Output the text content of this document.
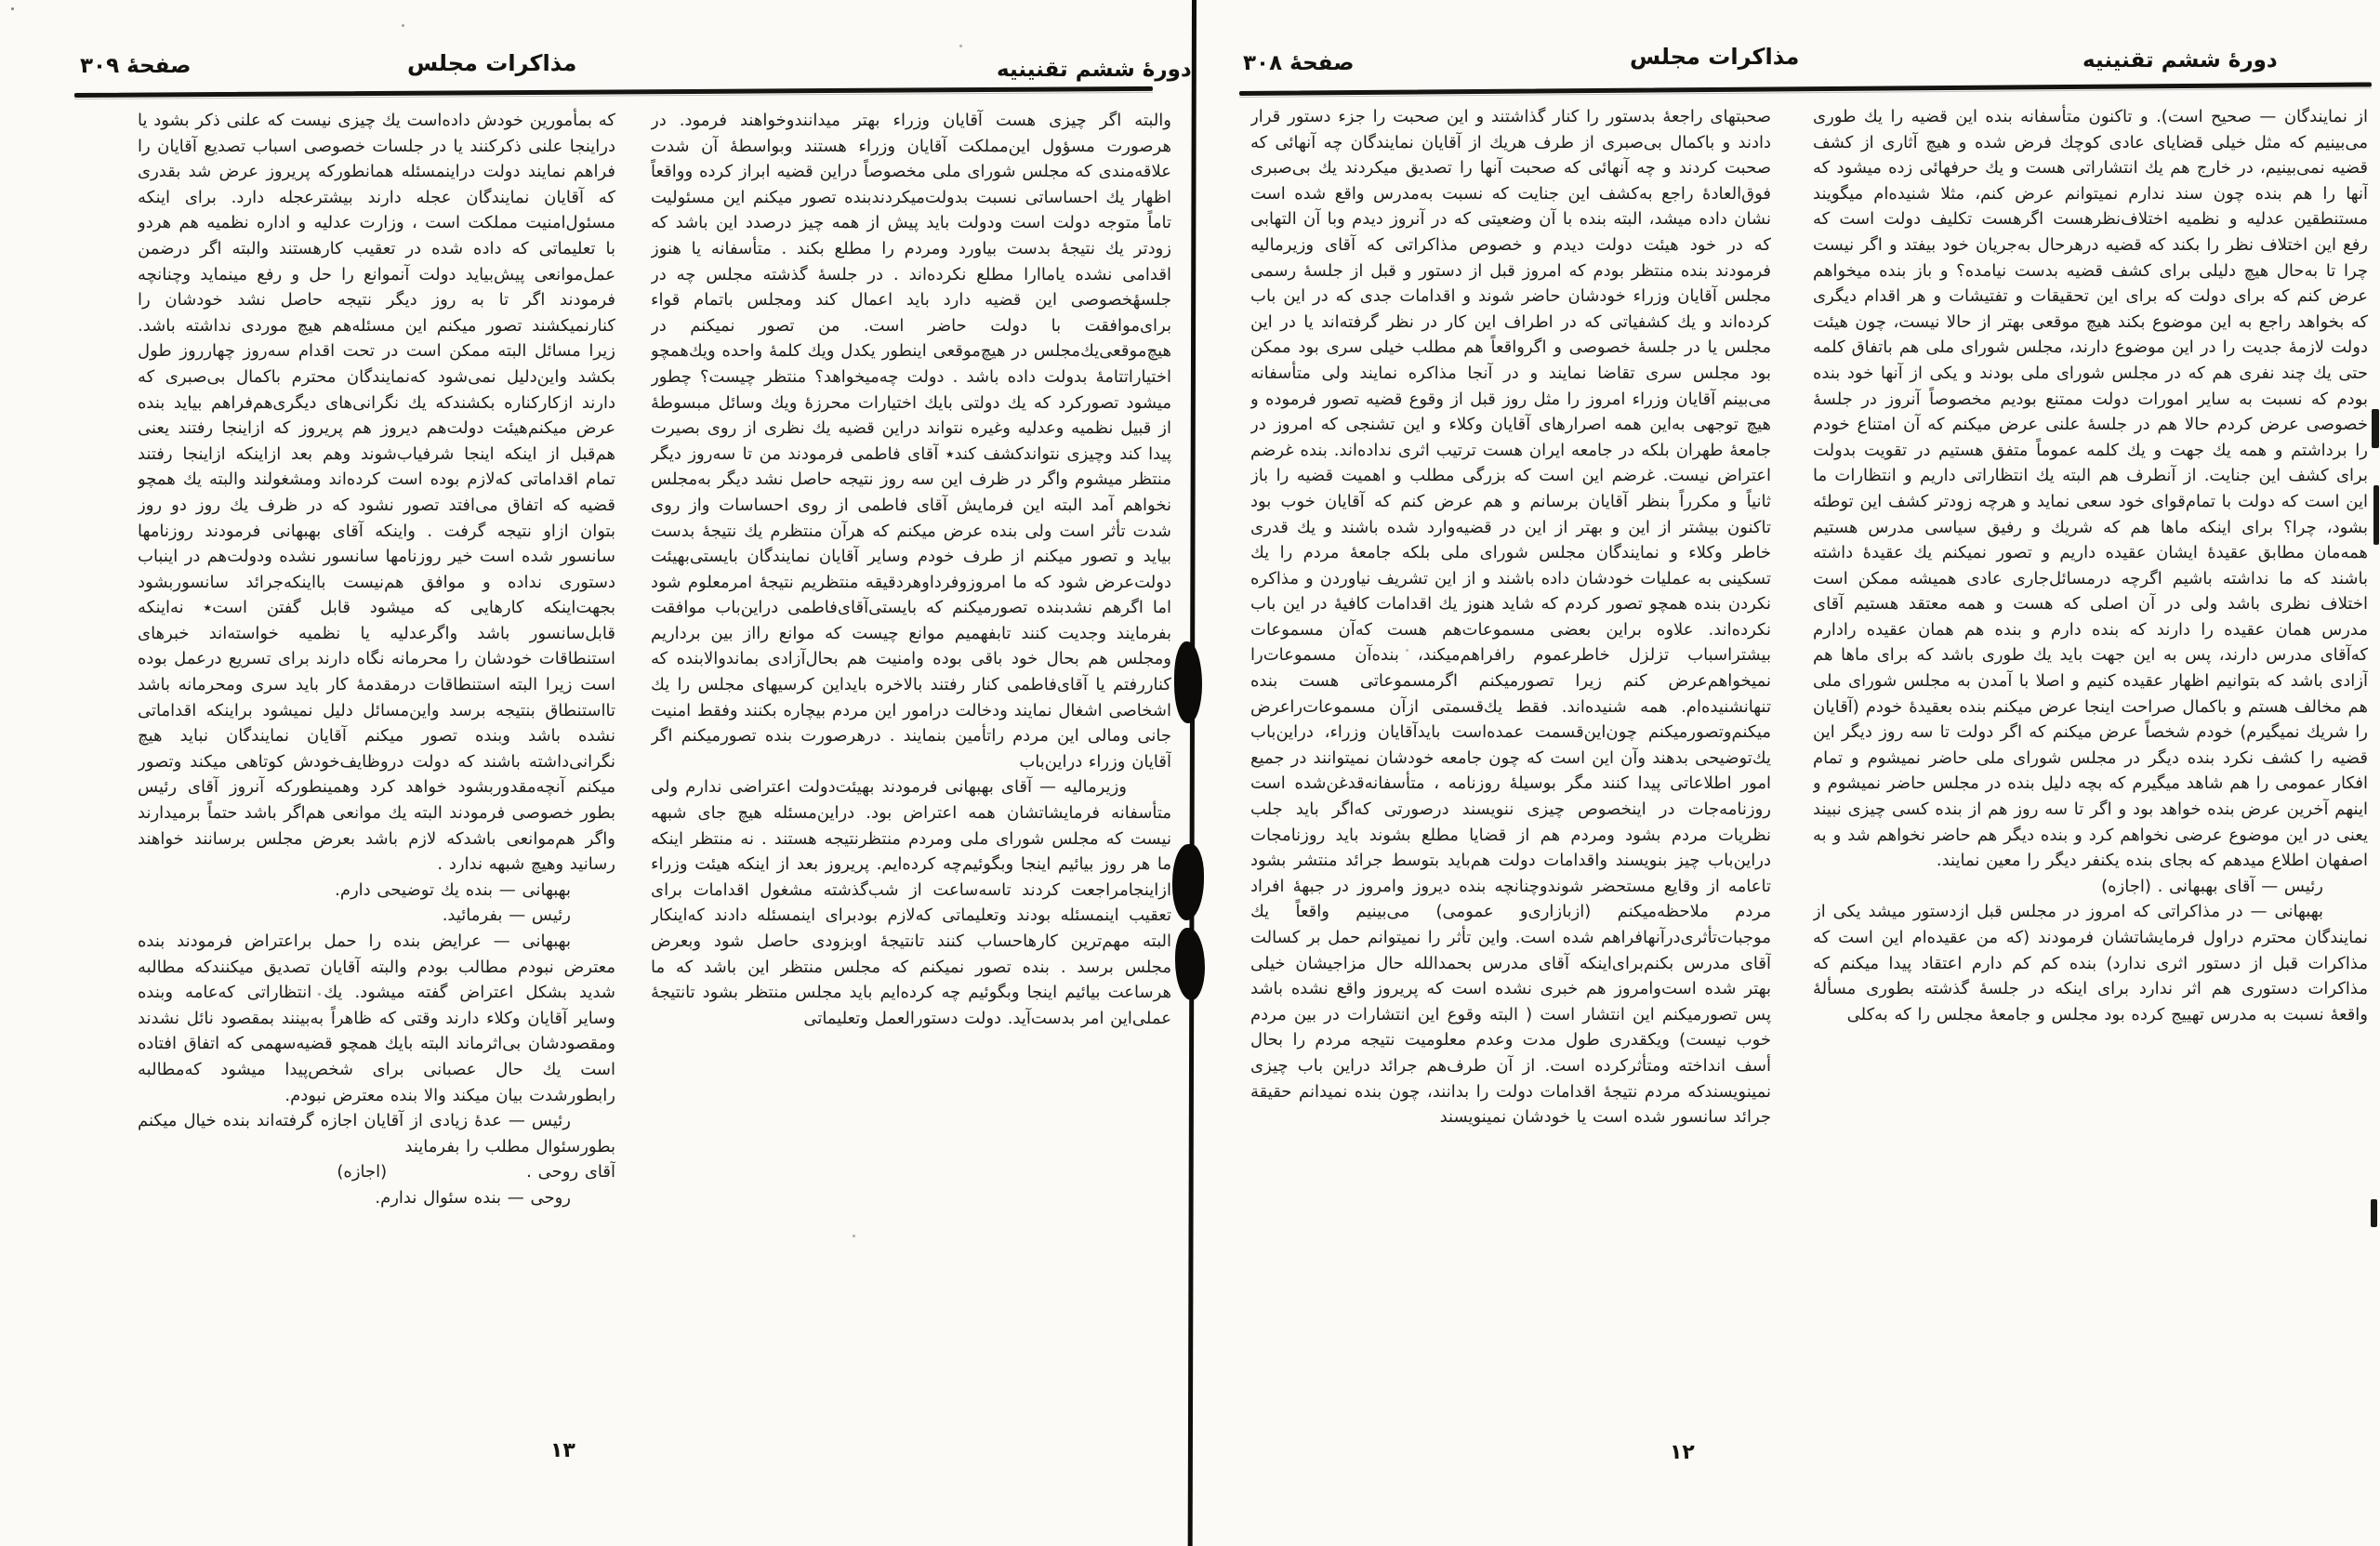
صفحهٔ ٣٠٩	مذاكرات مجلس	دورهٔ ششم تقنينيه

كه بمأمورين خودش داده‌است يك چيزى نيست كه علنى ذكر بشود يا دراينجا علنى ذكركنند يا در جلسات خصوصى اسباب تصديع آقايان را فراهم نمايند دولت دراينمسئله همانطوركه پريروز عرض شد بقدرى كه آقايان نمايندگان عجله دارند بيشترعجله دارد. براى اينكه مسئول‌امنيت مملكت است ، وزارت عدليه و اداره نظميه هم هردو با تعليماتى كه داده شده در تعقيب كارهستند والبته اگر درضمن عمل‌موانعى پيش‌بيايد دولت آنموانع را حل و رفع مينمايد وچنانچه فرمودند اگر تا به روز ديگر نتيجه حاصل نشد خودشان را كنارنميكشند تصور ميكنم اين مسئله‌هم هيچ موردى نداشته باشد. زيرا مسائل البته ممكن است در تحت اقدام سه‌روز چهارروز طول بكشد واين‌دليل نمى‌شود كه‌نمايندگان محترم باكمال بى‌صبرى كه دارند ازكاركناره بكشندكه يك نگرانى‌هاى ديگرى‌هم‌فراهم بيايد بنده عرض ميكنم‌هيئت دولت‌هم ديروز هم پريروز كه ازاينجا رفتند يعنى هم‌قبل از اينكه اينجا شرفياب‌شوند وهم بعد ازاينكه ازاينجا رفتند تمام اقداماتى كه‌لازم بوده است كرده‌اند ومشغولند والبته يك همچو قضيه كه اتفاق مى‌افتد تصور نشود كه در ظرف يك روز دو روز بتوان ازاو نتيجه گرفت . واينكه آقاى بهبهانى فرمودند روزنامها سانسور شده است خير روزنامها سانسور نشده ودولت‌هم در اينباب دستورى نداده و موافق هم‌نيست بااينكه‌جرائد سانسوربشود بجهت‌اينكه كارهايى كه ميشود قابل گفتن است٭ نه‌اينكه قابل‌سانسور باشد واگرعدليه يا نظميه خواسته‌اند خبرهاى استنطاقات خودشان را محرمانه نگاه دارند براى تسريع درعمل بوده است زيرا البته استنطاقات درمقدمهٔ كار بايد سرى ومحرمانه باشد تااستنطاق بنتيجه برسد واين‌مسائل دليل نميشود براينكه اقداماتى نشده باشد وبنده تصور ميكنم آقايان نمايندگان نبايد هيچ نگرانى‌داشته باشند كه دولت دروظايف‌خودش كوتاهى ميكند وتصور ميكنم آنچه‌مقدوربشود خواهد كرد وهمينطوركه آنروز آقاى رئيس بطور خصوصى فرمودند البته يك موانعى هم‌اگر باشد حتماً برميدارند واگر هم‌موانعى باشدكه لازم باشد بعرض مجلس برسانند خواهند رسانيد وهيچ شبهه ندارد .

بهبهانى — بنده يك توضيحى دارم.

رئيس — بفرمائيد.

بهبهانى — عرايض بنده را حمل براعتراض فرمودند بنده معترض نبودم مطالب بودم والبته آقايان تصديق ميكنندكه مطالبه شديد بشكل اعتراض گفته ميشود. يك انتظاراتى كه‌عامه وبنده وساير آقايان وكلاء دارند وقتى كه ظاهراً به‌بينند بمقصود نائل نشدند ومقصودشان بى‌اثرماند البته بايك همچو قضيه‌سهمى كه اتفاق افتاده است يك حال عصبانى براى شخص‌پيدا ميشود كه‌مطالبه رابطورشدت بيان ميكند والا بنده معترض نبودم.

رئيس — عدهٔ زيادى از آقايان اجازه گرفته‌اند بنده خيال ميكنم بطورسئوال مطلب را بفرمايند

آقاى روحى .
(اجازه)

روحى — بنده سئوال ندارم.

والبته اگر چيزى هست آقايان وزراء بهتر ميدانندوخواهند فرمود. در هرصورت مسؤول اين‌مملكت آقايان وزراء هستند وبواسطهٔ آن شدت علاقه‌مندى كه مجلس شوراى ملى مخصوصاً دراين قضيه ابراز كرده وواقعاً اظهار يك احساساتى نسبت بدولت‌ميكردندبنده تصور ميكنم اين مسئوليت تاماً متوجه دولت است ودولت بايد پيش از همه چيز درصدد اين باشد كه زودتر يك نتيجهٔ بدست بياورد ومردم را مطلع بكند . متأسفانه يا هنوز اقدامى نشده ياماارا مطلع نكرده‌اند . در جلسهٔ گذشته مجلس چه در جلسهٔخصوصى اين قضيه دارد بايد اعمال كند ومجلس باتمام قواء براى‌موافقت با دولت حاضر است. من تصور نميكنم در هيچ‌موقعى‌يك‌مجلس در هيچ‌موقعى اينطور يكدل ويك كلمهٔ واحده ويك‌همچو اختياراتتامهٔ بدولت داده باشد . دولت چه‌ميخواهد؟ منتظر چيست؟ چطور ميشود تصوركرد كه يك دولتى بايك اختيارات محرزهٔ ويك وسائل مبسوطهٔ از قبيل نظميه وعدليه وغيره نتواند دراين قضيه يك نظرى از روى بصيرت پيدا كند وچيزى نتواندكشف كند٭ آقاى فاطمى فرمودند من تا سه‌روز ديگر منتظر ميشوم واگر در ظرف اين سه روز نتيجه حاصل نشد ديگر به‌مجلس نخواهم آمد البته اين فرمايش آقاى فاطمى از روى احساسات واز روى شدت تأثر است ولى بنده عرض ميكنم كه هرآن منتظرم يك نتيجهٔ بدست بيايد و تصور ميكنم از طرف خودم وساير آقايان نمايندگان بايستى‌بهيئت دولت‌عرض شود كه ما امروزوفرداوهردقيقه منتظريم نتيجهٔ امرمعلوم شود اما اگرهم نشدبنده تصورميكنم كه بايستى‌آقاى‌فاطمى دراين‌باب موافقت بفرمايند وجديت كنند تابفهميم موانع چيست كه موانع رااز بين برداريم ومجلس هم بحال خود باقى بوده وامنيت هم بحال‌آزادى بماندوالابنده كه كناررفتم يا آقاى‌فاطمى كنار رفتند بالاخره بايداين كرسيهاى مجلس را يك اشخاصى اشغال نمايند ودخالت درامور اين مردم بيچاره بكنند وفقط امنيت جانى ومالى اين مردم راتأمين بنمايند . درهرصورت بنده تصورميكنم اگر آقايان وزراء دراين‌باب

وزيرماليه — آقاى بهبهانى فرمودند بهيئت‌دولت اعتراضى ندارم ولى متأسفانه فرمايشاتشان همه اعتراض بود. دراين‌مسئله هيچ جاى شبهه نيست كه مجلس شوراى ملى ومردم منتظرنتيجه هستند . نه منتظر اينكه ما هر روز بيائيم اينجا وبگوئيم‌چه كرده‌ايم. پريروز بعد از اينكه هيئت وزراء ازاينجامراجعت كردند تاسه‌ساعت از شب‌گذشته مشغول اقدامات براى تعقيب اينمسئله بودند وتعليماتى كه‌لازم بودبراى اينمسئله دادند كه‌اينكار البته مهم‌ترين كارهاحساب كنند تانتيجهٔ اوبزودى حاصل شود وبعرض مجلس برسد . بنده تصور نميكنم كه مجلس منتظر اين باشد كه ما هرساعت بيائيم اينجا وبگوئيم چه كرده‌ايم بايد مجلس منتظر بشود تانتيجهٔ عملى‌اين امر بدست‌آيد. دولت دستورالعمل وتعليماتى

١٣
صفحهٔ ٣٠٨	مذاكرات مجلس	دورهٔ ششم تقنينيه

صحبتهاى راجعهٔ بدستور را كنار گذاشتند و اين صحبت را جزء دستور قرار دادند و باكمال بى‌صبرى از طرف هريك از آقايان نمايندگان چه آنهائى كه صحبت كردند و چه آنهائى كه صحبت آنها را تصديق ميكردند يك بى‌صبرى فوق‌العادهٔ راجع به‌كشف اين جنايت كه نسبت به‌مدرس واقع شده است نشان داده ميشد، البته بنده با آن وضعيتى كه در آنروز ديدم وبا آن التهابى كه در خود هيئت دولت ديدم و خصوص مذاكراتى كه آقاى وزيرماليه فرمودند بنده منتظر بودم كه امروز قبل از دستور و قبل از جلسهٔ رسمى مجلس آقايان وزراء خودشان حاضر شوند و اقدامات جدى كه در اين باب كرده‌اند و يك كشفياتى كه در اطراف اين كار در نظر گرفته‌اند يا در اين مجلس يا در جلسهٔ خصوصى و اگرواقعاً هم مطلب خيلى سرى بود ممكن بود مجلس سرى تقاضا نمايند و در آنجا مذاكره نمايند ولى متأسفانه مى‌بينم آقايان وزراء امروز را مثل روز قبل از وقوع قضيه تصور فرموده و هيچ توجهى به‌اين همه اصرارهاى آقايان وكلاء و اين تشنجى كه امروز در جامعهٔ طهران بلكه در جامعه ايران هست ترتيب اثرى نداده‌اند. بنده غرضم اعتراض نيست. غرضم اين است كه بزرگى مطلب و اهميت قضيه را باز ثانياً و مكرراً بنظر آقايان برسانم و هم عرض كنم كه آقايان خوب بود تاكنون بيشتر از اين و بهتر از اين در قضيه‌وارد شده باشند و يك قدرى خاطر وكلاء و نمايندگان مجلس شوراى ملى بلكه جامعهٔ مردم را يك تسكينى به عمليات خودشان داده باشند و از اين تشريف نياوردن و مذاكره نكردن بنده همچو تصور كردم كه شايد هنوز يك اقدامات كافيهٔ در اين باب نكرده‌اند. علاوه براين بعضى مسموعات‌هم هست كه‌آن مسموعات بيشتراسباب تزلزل خاطرعموم رافراهم‌ميكند، بنده‌آن مسموعات‌را نميخواهم‌عرض كنم زيرا تصورميكنم اگرمسموعاتى هست بنده تنهانشنيده‌ام. همه شنيده‌اند. فقط يك‌قسمتى ازآن مسموعات‌راعرض ميكنم‌وتصورميكنم چون‌اين‌قسمت عمده‌است بايدآقايان وزراء، دراين‌باب يك‌توضيحى بدهند وآن اين است كه چون جامعه خودشان نميتوانند در جميع امور اطلاعاتى پيدا كنند مگر بوسيلهٔ روزنامه ، متأسفانه‌قدغن‌شده است روزنامه‌جات در اينخصوص چيزى ننويسند درصورتى كه‌اگر بايد جلب نظريات مردم بشود ومردم هم از قضايا مطلع بشوند بايد روزنامجات دراين‌باب چيز بنويسند واقدامات دولت هم‌بايد بتوسط جرائد منتشر بشود تاعامه از وقايع مستحضر شوندوچنانچه بنده ديروز وامروز در جبههٔ افراد مردم ملاحظه‌ميكنم (ازبازارى‌و عمومى) مى‌بينيم واقعاً يك موجبات‌تأثرى‌درآنهافراهم شده است. واين تأثر را نميتوانم حمل بر كسالت آقاى مدرس بكنم‌براى‌اينكه آقاى مدرس بحمدالله حال مزاجيشان خيلى بهتر شده است‌وامروز هم خبرى نشده است كه پريروز واقع نشده باشد پس تصورميكنم اين انتشار است ( البته وقوع اين انتشارات در بين مردم خوب نيست) ويكقدرى طول مدت وعدم معلوميت نتيجه مردم را بحال أسف انداخته ومتأثركرده است. از آن طرف‌هم جرائد دراين باب چيزى نمينويسندكه مردم نتيجهٔ اقدامات دولت را بدانند، چون بنده نميدانم حقيقة جرائد سانسور شده است يا خودشان نمينويسند

از نمايندگان — صحيح است). و تاكنون متأسفانه بنده اين قضيه را يك طورى مى‌بينيم كه مثل خيلى قضاياى عادى كوچك فرض شده و هيچ آثارى از كشف قضيه نمى‌بينيم، در خارج هم يك انتشاراتى هست و يك حرفهائى زده ميشود كه آنها را هم بنده چون سند ندارم نميتوانم عرض كنم، مثلا شنيده‌ام ميگويند مستنطقين عدليه و نظميه اختلاف‌نظرهست اگرهست تكليف دولت است كه رفع اين اختلاف نظر را بكند كه قضيه درهرحال به‌جريان خود بيفتد و اگر نيست چرا تا به‌حال هيچ دليلى براى كشف قضيه بدست نيامده؟ و باز بنده ميخواهم عرض كنم كه براى دولت كه براى اين تحقيقات و تفتيشات و هر اقدام ديگرى كه بخواهد راجع به اين موضوع بكند هيچ موقعى بهتر از حالا نيست، چون هيئت دولت لازمهٔ جديت را در اين موضوع دارند، مجلس شوراى ملى هم باتفاق كلمه حتى يك چند نفرى هم كه در مجلس شوراى ملى بودند و يكى از آنها خود بنده بودم كه نسبت به ساير امورات دولت ممتنع بوديم مخصوصاً آنروز در جلسهٔ خصوصى عرض كردم حالا هم در جلسهٔ علنى عرض ميكنم كه آن امتناع خودم را برداشتم و همه يك جهت و يك كلمه عموماً متفق هستيم در تقويت بدولت براى كشف اين جنايت. از آنطرف هم البته يك انتظاراتى داريم و انتظارات ما اين است كه دولت با تمام‌قواى خود سعى نمايد و هرچه زودتر كشف اين توطئه بشود، چرا؟ براى اينكه ماها هم كه شريك و رفيق سياسى مدرس هستيم همه‌مان مطابق عقيدهٔ ايشان عقيده داريم و تصور نميكنم يك عقيدهٔ داشته باشند كه ما نداشته باشيم اگرچه درمسائل‌جارى عادى هميشه ممكن است اختلاف نظرى باشد ولى در آن اصلى كه هست و همه معتقد هستيم آقاى مدرس همان عقيده را دارند كه بنده دارم و بنده هم همان عقيده رادارم كه‌آقاى مدرس دارند، پس به اين جهت بايد يك طورى باشد كه براى ماها هم آزادى باشد كه بتوانيم اظهار عقيده كنيم و اصلا با آمدن به مجلس شوراى ملى هم مخالف هستم و باكمال صراحت اينجا عرض ميكنم بنده بعقيدهٔ خودم (آقايان را شريك نميگيرم) خودم شخصاً عرض ميكنم كه اگر دولت تا سه روز ديگر اين قضيه را كشف نكرد بنده ديگر در مجلس شوراى ملى حاضر نميشوم و تمام افكار عمومى را هم شاهد ميگيرم كه بچه دليل بنده در مجلس حاضر نميشوم و اينهم آخرين عرض بنده خواهد بود و اگر تا سه روز هم از بنده كسى چيزى نبيند يعنى در اين موضوع عرضى نخواهم كرد و بنده ديگر هم حاضر نخواهم شد و به اصفهان اطلاع ميدهم كه بجاى بنده يكنفر ديگر را معين نمايند.

رئيس — آقاى بهبهانى . (اجازه)

بهبهانى — در مذاكراتى كه امروز در مجلس قبل ازدستور ميشد يكى از نمايندگان محترم دراول فرمايشاتشان فرمودند (كه من عقيده‌ام اين است كه مذاكرات قبل از دستور اثرى ندارد) بنده كم كم دارم اعتقاد پيدا ميكنم كه مذاكرات دستورى هم اثر ندارد براى اينكه در جلسهٔ گذشته بطورى مسألهٔ واقعهٔ نسبت به مدرس تهييج كرده بود مجلس و جامعهٔ مجلس را كه به‌كلى

١٢
